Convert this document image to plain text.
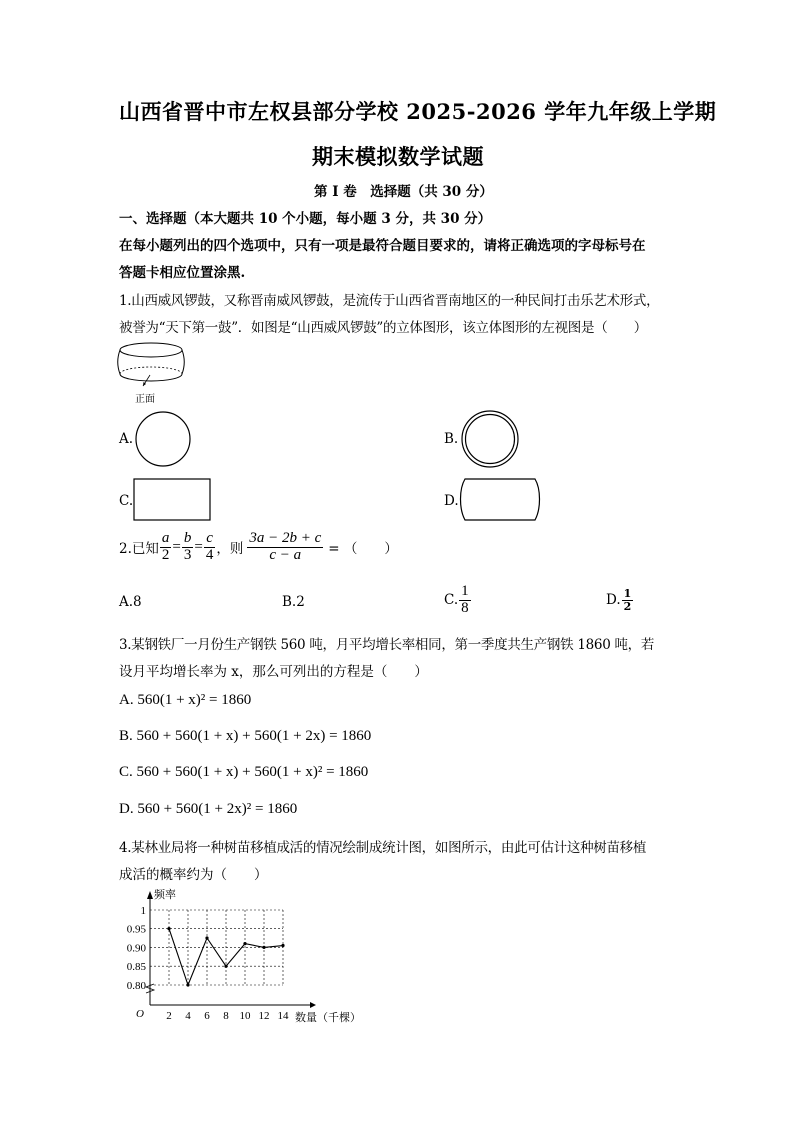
山西省晋中市左权县部分学校 2025-2026 学年九年级上学期
期末模拟数学试题
第 I 卷　选择题（共 30 分）
一、选择题（本大题共 10 个小题，每小题 3 分，共 30 分）
在每小题列出的四个选项中，只有一项是最符合题目要求的，请将正确选项的字母标号在
答题卡相应位置涂黑.
1.山西威风锣鼓，又称晋南威风锣鼓，是流传于山西省晋南地区的一种民间打击乐艺术形式，
被誉为“天下第一鼓”．如图是“山西威风锣鼓”的立体图形，该立体图形的左视图是（　　）
正面
A.	B.
C.	D.
2.已知 $\frac{a}{2} = \frac{b}{3} = \frac{c}{4}$ ，则 $\frac{3a - 2b + c}{c - a}$ = （　　）
A.8	B.2	C. $\frac{1}{8}$	D. $\frac{1}{2}$
3.某钢铁厂一月份生产钢铁 560 吨，月平均增长率相同，第一季度共生产钢铁 1860 吨，若
设月平均增长率为 x，那么可列出的方程是（　　）
A. 560(1 + x)² = 1860
B. 560 + 560(1 + x) + 560(1 + 2x) = 1860
C. 560 + 560(1 + x) + 560(1 + x)² = 1860
D. 560 + 560(1 + 2x)² = 1860
4.某林业局将一种树苗移植成活的情况绘制成统计图，如图所示，由此可估计这种树苗移植
成活的概率约为（　　）
0.80
0.85
0.90
0.95
1
2 4 6 8 10 12 14
O
频率
数量（千棵）
